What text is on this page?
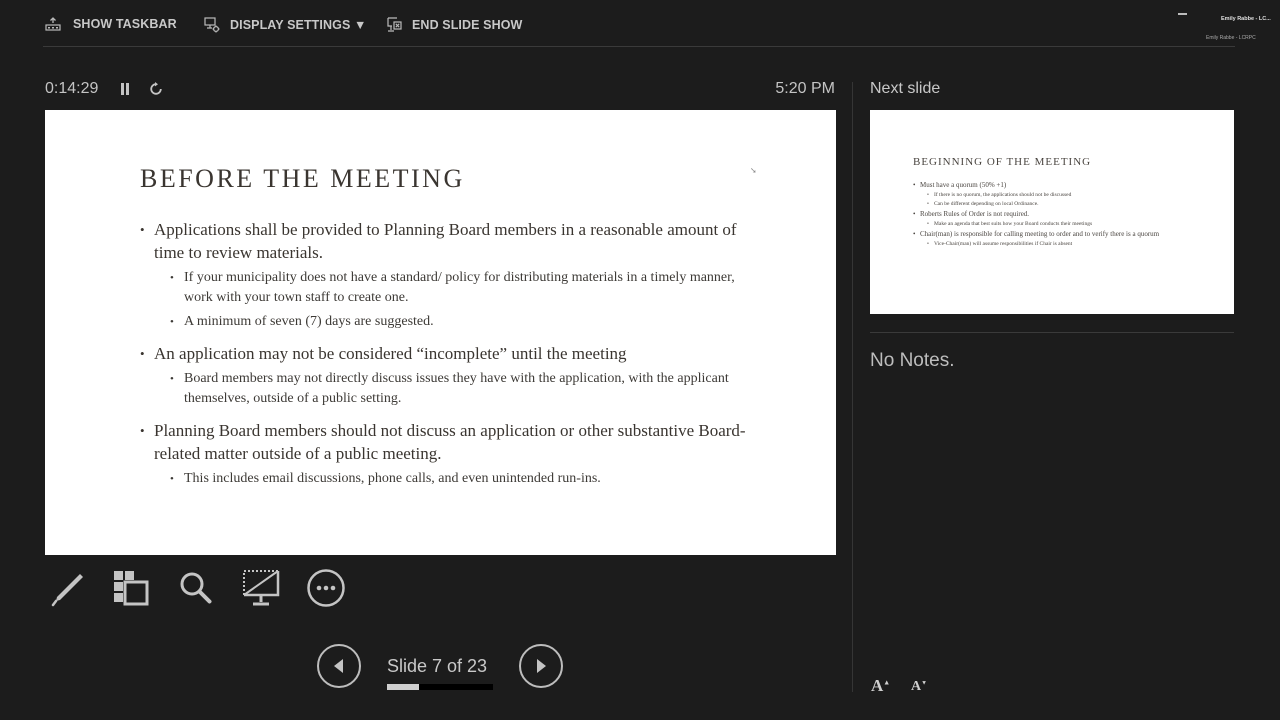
SHOW TASKBAR	DISPLAY SETTINGS ▼	END SLIDE SHOW	Emily Rabbe - LC...
Emily Rabbe - LCRPC
0:14:29	5:20 PM
BEFORE THE MEETING
• Applications shall be provided to Planning Board members in a reasonable amount of time to review materials.
• If your municipality does not have a standard/ policy for distributing materials in a timely manner, work with your town staff to create one.
• A minimum of seven (7) days are suggested.
• An application may not be considered “incomplete” until the meeting
• Board members may not directly discuss issues they have with the application, with the applicant themselves, outside of a public setting.
• Planning Board members should not discuss an application or other substantive Board-related matter outside of a public meeting.
• This includes email discussions, phone calls, and even unintended run-ins.
➘
Next slide
BEGINNING OF THE MEETING
• Must have a quorum (50% +1)
• If there is no quorum, the applications should not be discussed
• Can be different depending on local Ordinance.
• Roberts Rules of Order is not required.
• Make an agenda that best suits how your Board conducts their meetings
• Chair(man) is responsible for calling meeting to order and to verify there is a quorum
• Vice-Chair(man) will assume responsibilities if Chair is absent
No Notes.
Slide 7 of 23
A▲ A▼
